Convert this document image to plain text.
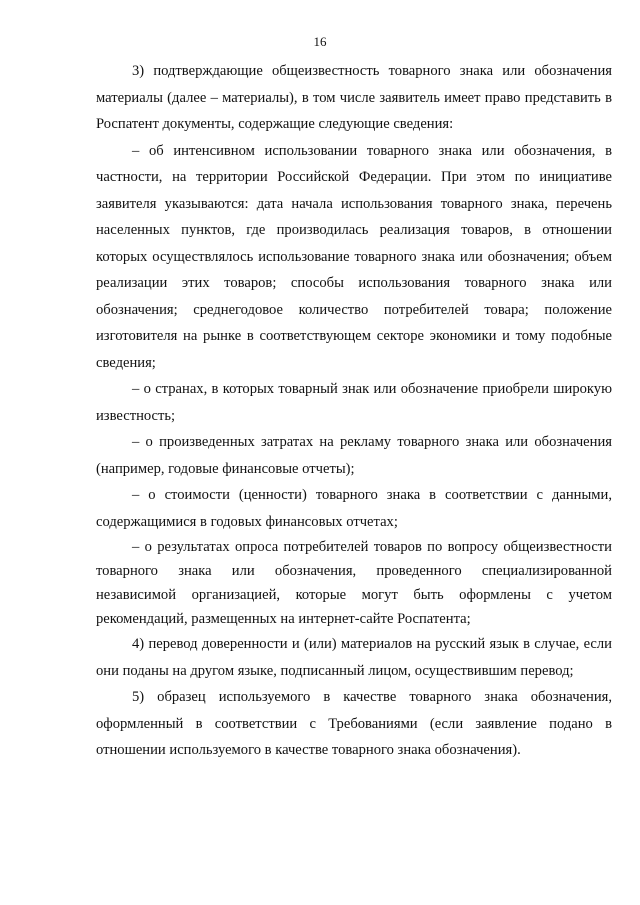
16

3) подтверждающие общеизвестность товарного знака или обозначения материалы (далее – материалы), в том числе заявитель имеет право представить в Роспатент документы, содержащие следующие сведения:

– об интенсивном использовании товарного знака или обозначения, в частности, на территории Российской Федерации. При этом по инициативе заявителя указываются: дата начала использования товарного знака, перечень населенных пунктов, где производилась реализация товаров, в отношении которых осуществлялось использование товарного знака или обозначения; объем реализации этих товаров; способы использования товарного знака или обозначения; среднегодовое количество потребителей товара; положение изготовителя на рынке в соответствующем секторе экономики и тому подобные сведения;

– о странах, в которых товарный знак или обозначение приобрели широкую известность;

– о произведенных затратах на рекламу товарного знака или обозначения (например, годовые финансовые отчеты);

– о стоимости (ценности) товарного знака в соответствии с данными, содержащимися в годовых финансовых отчетах;

– о результатах опроса потребителей товаров по вопросу общеизвестности товарного знака или обозначения, проведенного специализированной независимой организацией, которые могут быть оформлены с учетом рекомендаций, размещенных на интернет-сайте Роспатента;

4) перевод доверенности и (или) материалов на русский язык в случае, если они поданы на другом языке, подписанный лицом, осуществившим перевод;

5) образец используемого в качестве товарного знака обозначения, оформленный в соответствии с Требованиями (если заявление подано в отношении используемого в качестве товарного знака обозначения).
